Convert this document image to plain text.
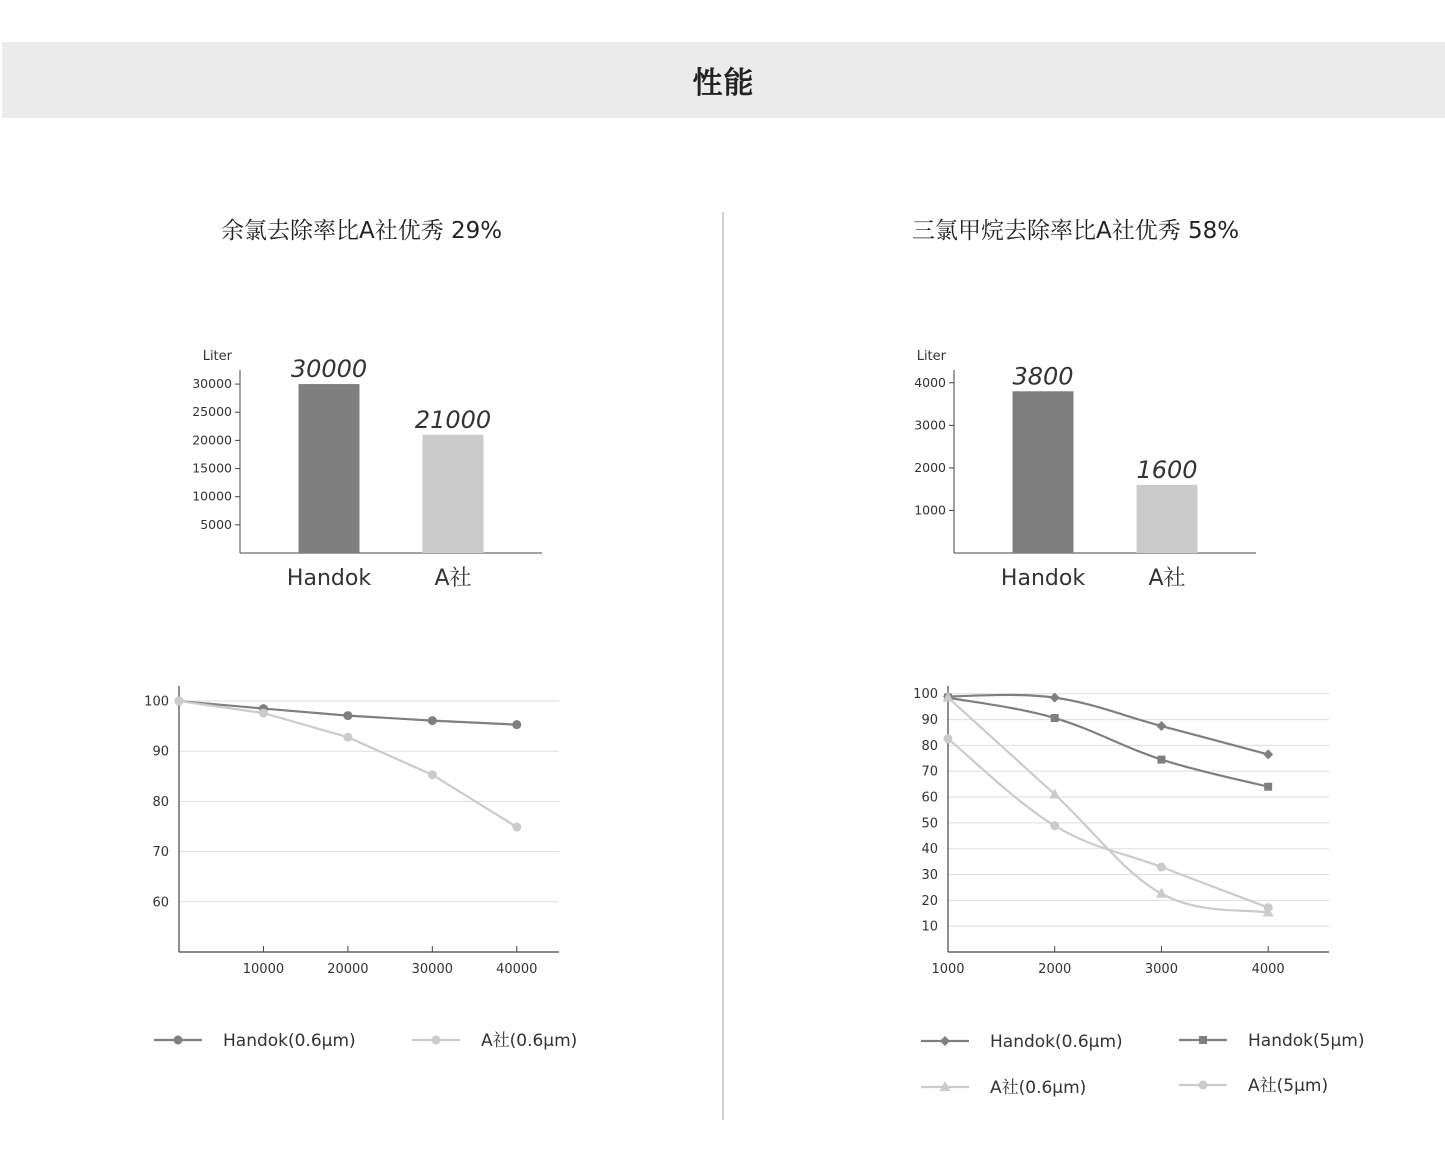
性能
余氯去除率比A社优秀 29%	三氯甲烷去除率比A社优秀 58%
Liter
5000
10000
15000
20000
25000
30000
30000
Handok
21000
A社
Liter
1000
2000
3000
4000	3800
Handok
1600
A社
60
70
80
90
100
10000	20000	30000	40000
Handok(0.6μm)	A社(0.6μm)
10
20
30
40
50
60
70
80
90
100
1000	2000	3000	4000
Handok(0.6μm)	Handok(5μm)
A社(0.6μm)	A社(5μm)
